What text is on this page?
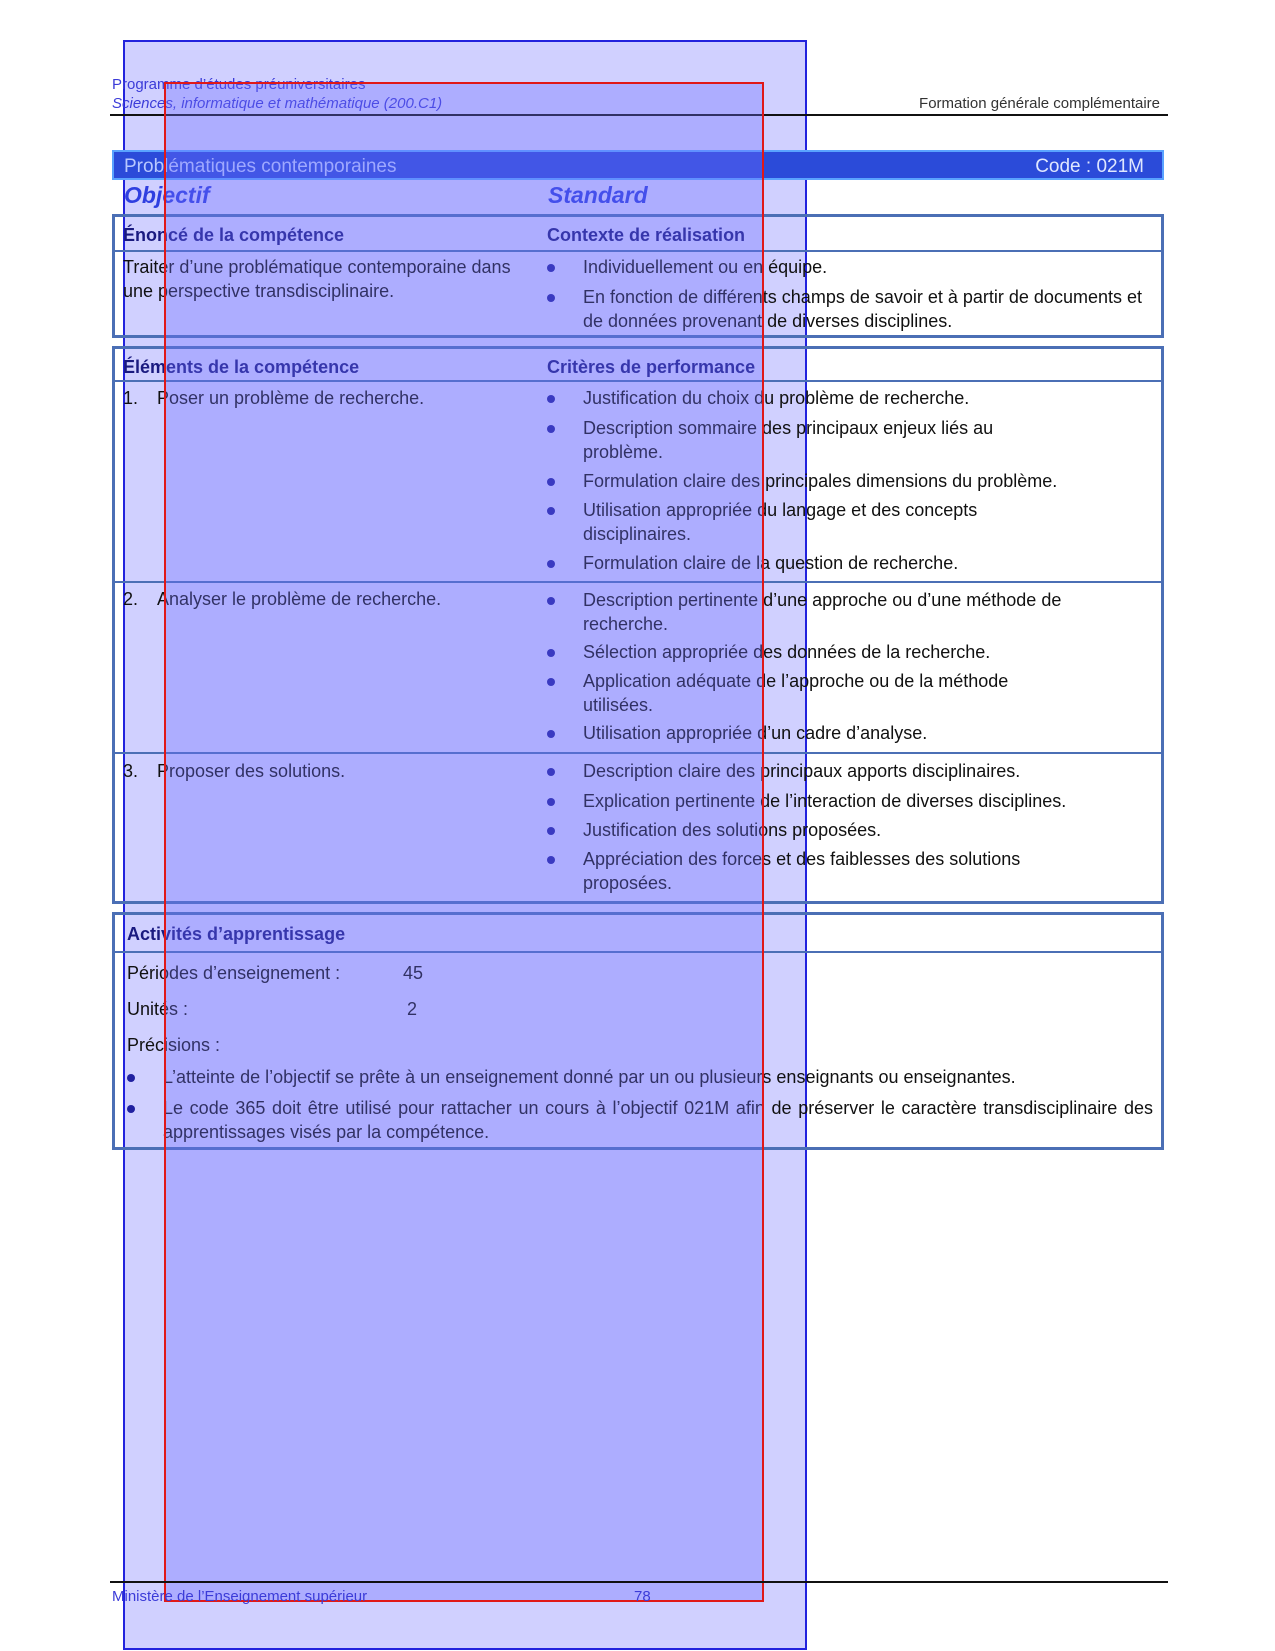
Programme d’études préuniversitaires
Sciences, informatique et mathématique (200.C1)	Formation générale complémentaire
Problématiques contemporaines	Code : 021M
Objectif	Standard
Énoncé de la compétence	Contexte de réalisation
Traiter d’une problématique contemporaine dans une perspective transdisciplinaire.
Individuellement ou en équipe.
En fonction de différents champs de savoir et à partir de documents et de données provenant de diverses disciplines.
Éléments de la compétence	Critères de performance
1. Poser un problème de recherche.	Justification du choix du problème de recherche.
Description sommaire des principaux enjeux liés au problème.
Formulation claire des principales dimensions du problème.
Utilisation appropriée du langage et des concepts disciplinaires.
Formulation claire de la question de recherche.
2. Analyser le problème de recherche.	Description pertinente d’une approche ou d’une méthode de recherche.
Sélection appropriée des données de la recherche.
Application adéquate de l’approche ou de la méthode utilisées.
Utilisation appropriée d’un cadre d’analyse.
3. Proposer des solutions.	Description claire des principaux apports disciplinaires.
Explication pertinente de l’interaction de diverses disciplines.
Justification des solutions proposées.
Appréciation des forces et des faiblesses des solutions proposées.
Activités d’apprentissage
Périodes d’enseignement :	45
Unités :	2
Précisions :
L’atteinte de l’objectif se prête à un enseignement donné par un ou plusieurs enseignants ou enseignantes.
Le code 365 doit être utilisé pour rattacher un cours à l’objectif 021M afin de préserver le caractère transdisciplinaire des apprentissages visés par la compétence.
Ministère de l’Enseignement supérieur	78
